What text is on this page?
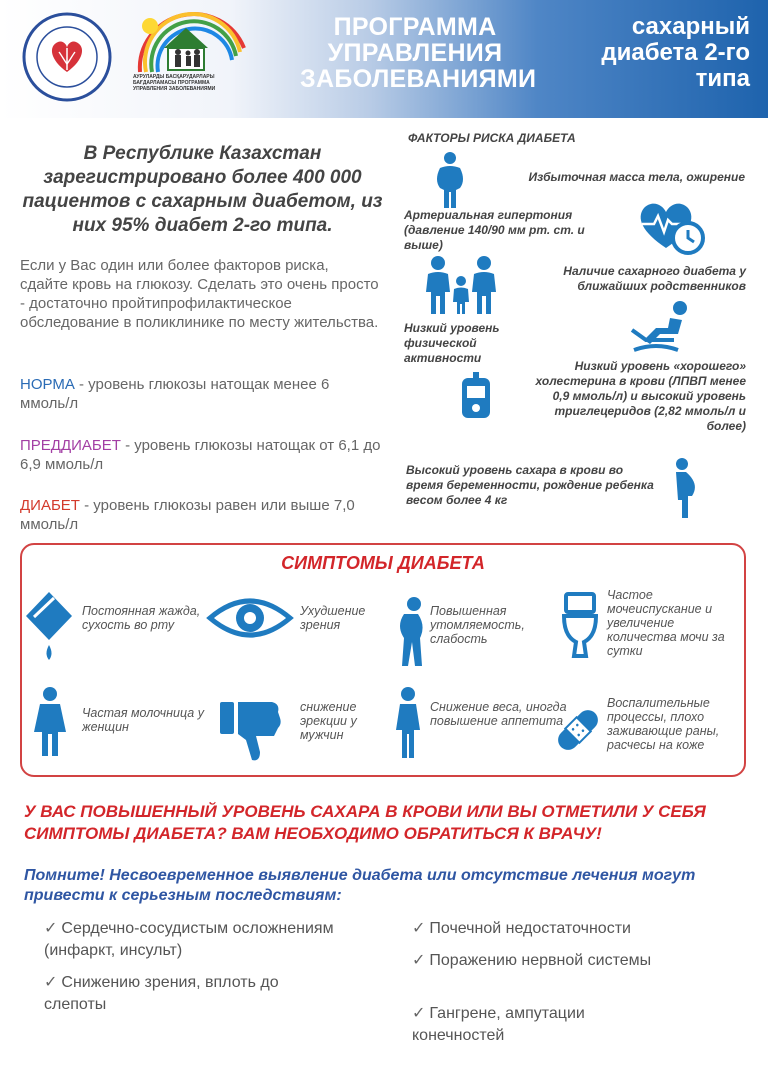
АУРУЛАРДЫ БАСҚАРУДАРЛАРЫ БАҒДАРЛАМАСЫ ПРОГРАММА УПРАВЛЕНИЯ ЗАБОЛЕВАНИЯМИ
ПРОГРАММА УПРАВЛЕНИЯ ЗАБОЛЕВАНИЯМИ
сахарный диабета 2-го типа
В Республике Казахстан зарегистрировано более 400 000 пациентов с сахарным диабетом, из них 95% диабет 2-го типа.
Если у Вас один или более факторов риска, сдайте кровь на глюкозу. Сделать это очень просто - достаточно пройтипрофилактическое обследование в поликлинике по месту жительства.
НОРМА - уровень глюкозы натощак менее 6 ммоль/л
ПРЕДДИАБЕТ - уровень глюкозы натощак от 6,1 до 6,9 ммоль/л
ДИАБЕТ - уровень глюкозы равен или выше 7,0 ммоль/л
ФАКТОРЫ РИСКА ДИАБЕТА
Избыточная масса тела, ожирение
Артериальная гипертония (давление 140/90 мм рт. ст. и выше)
Наличие сахарного диабета у ближайших родственников
Низкий уровень физической активности
Низкий уровень «хорошего» холестерина в крови (ЛПВП менее 0,9 ммоль/л) и высокий уровень триглецеридов (2,82 ммоль/л и более)
Высокий уровень сахара в крови во время беременности, рождение ребенка весом более 4 кг
СИМПТОМЫ ДИАБЕТА
Постоянная жажда, сухость во рту
Ухудшение зрения
Повышенная утомляемость, слабость
Частое мочеиспускание и увеличение количества мочи за сутки
Частая молочница у женщин
снижение эрекции у мужчин
Снижение веса, иногда повышение аппетита
Воспалительные процессы, плохо заживающие раны, расчесы на коже
У ВАС ПОВЫШЕННЫЙ УРОВЕНЬ САХАРА В КРОВИ ИЛИ ВЫ ОТМЕТИЛИ У СЕБЯ СИМПТОМЫ ДИАБЕТА? ВАМ НЕОБХОДИМО ОБРАТИТЬСЯ К ВРАЧУ!
Помните! Несвоевременное выявление диабета или отсутствие лечения могут привести к серьезным последствиям:
✓ Сердечно-сосудистым осложнениям (инфаркт, инсульт)
✓ Снижению зрения, вплоть до слепоты
✓ Почечной недостаточности
✓ Поражению нервной системы
✓ Гангрене, ампутации конечностей
